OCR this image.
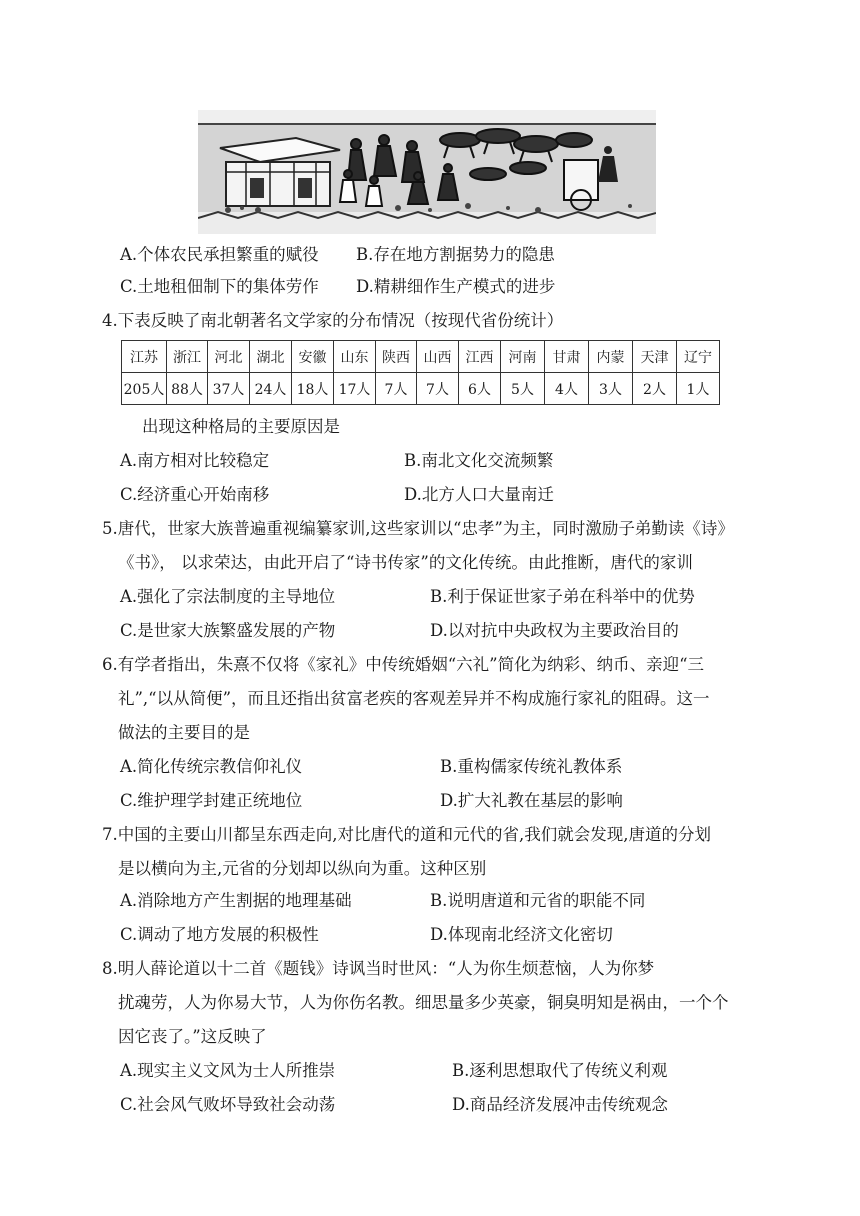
A.个体农民承担繁重的赋役 B.存在地方割据势力的隐患
C.土地租佃制下的集体劳作 D.精耕细作生产模式的进步
4.下表反映了南北朝著名文学家的分布情况（按现代省份统计）
江苏	浙江	河北	湖北	安徽	山东	陕西	山西	江西	河南	甘肃	内蒙	天津	辽宁
205人	88人	37人	24人	18人	17人	7人	7人	6人	5人	4人	3人	2人	1人
出现这种格局的主要原因是
A.南方相对比较稳定	B.南北文化交流频繁
C.经济重心开始南移	D.北方人口大量南迁
5.唐代，世家大族普遍重视编纂家训,这些家训以“忠孝”为主，同时激励子弟勤读《诗》
《书》， 以求荣达，由此开启了“诗书传家”的文化传统。由此推断，唐代的家训
A.强化了宗法制度的主导地位	B.利于保证世家子弟在科举中的优势
C.是世家大族繁盛发展的产物	D.以对抗中央政权为主要政治目的
6.有学者指出，朱熹不仅将《家礼》中传统婚姻“六礼”简化为纳彩、纳币、亲迎“三
礼”,“以从简便”，而且还指出贫富老疾的客观差异并不构成施行家礼的阻碍。这一
做法的主要目的是
A.简化传统宗教信仰礼仪	B.重构儒家传统礼教体系
C.维护理学封建正统地位	D.扩大礼教在基层的影响
7.中国的主要山川都呈东西走向,对比唐代的道和元代的省,我们就会发现,唐道的分划
是以横向为主,元省的分划却以纵向为重。这种区别
A.消除地方产生割据的地理基础	B.说明唐道和元省的职能不同
C.调动了地方发展的积极性	D.体现南北经济文化密切
8.明人薛论道以十二首《题钱》诗讽当时世风：“人为你生烦惹恼，人为你梦
扰魂劳，人为你易大节，人为你伤名教。细思量多少英豪，铜臭明知是祸由，一个个
因它丧了。”这反映了
A.现实主义文风为士人所推崇	B.逐利思想取代了传统义利观
C.社会风气败坏导致社会动荡	D.商品经济发展冲击传统观念
